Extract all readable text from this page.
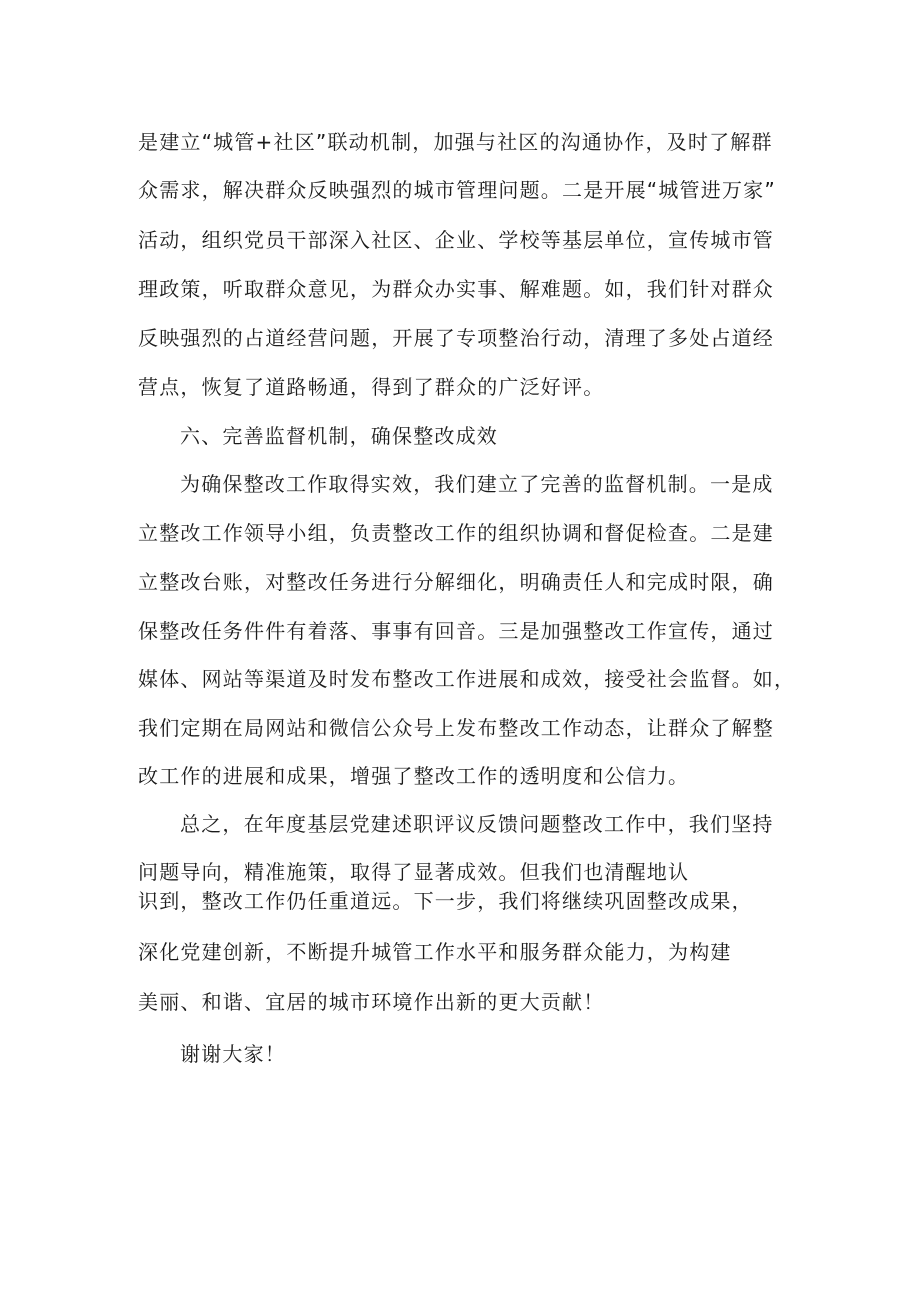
是建立“城管+社区”联动机制，加强与社区的沟通协作，及时了解群
众需求，解决群众反映强烈的城市管理问题。二是开展“城管进万家”
活动，组织党员干部深入社区、企业、学校等基层单位，宣传城市管
理政策，听取群众意见，为群众办实事、解难题。如，我们针对群众
反映强烈的占道经营问题，开展了专项整治行动，清理了多处占道经
营点，恢复了道路畅通，得到了群众的广泛好评。
六、完善监督机制，确保整改成效
为确保整改工作取得实效，我们建立了完善的监督机制。一是成
立整改工作领导小组，负责整改工作的组织协调和督促检查。二是建
立整改台账，对整改任务进行分解细化，明确责任人和完成时限，确
保整改任务件件有着落、事事有回音。三是加强整改工作宣传，通过
媒体、网站等渠道及时发布整改工作进展和成效，接受社会监督。如，
我们定期在局网站和微信公众号上发布整改工作动态，让群众了解整
改工作的进展和成果，增强了整改工作的透明度和公信力。
总之，在年度基层党建述职评议反馈问题整改工作中，我们坚持
问题导向，精准施策，取得了显著成效。但我们也清醒地认
识到，整改工作仍任重道远。下一步，我们将继续巩固整改成果，
深化党建创新，不断提升城管工作水平和服务群众能力，为构建
美丽、和谐、宜居的城市环境作出新的更大贡献！
谢谢大家！
